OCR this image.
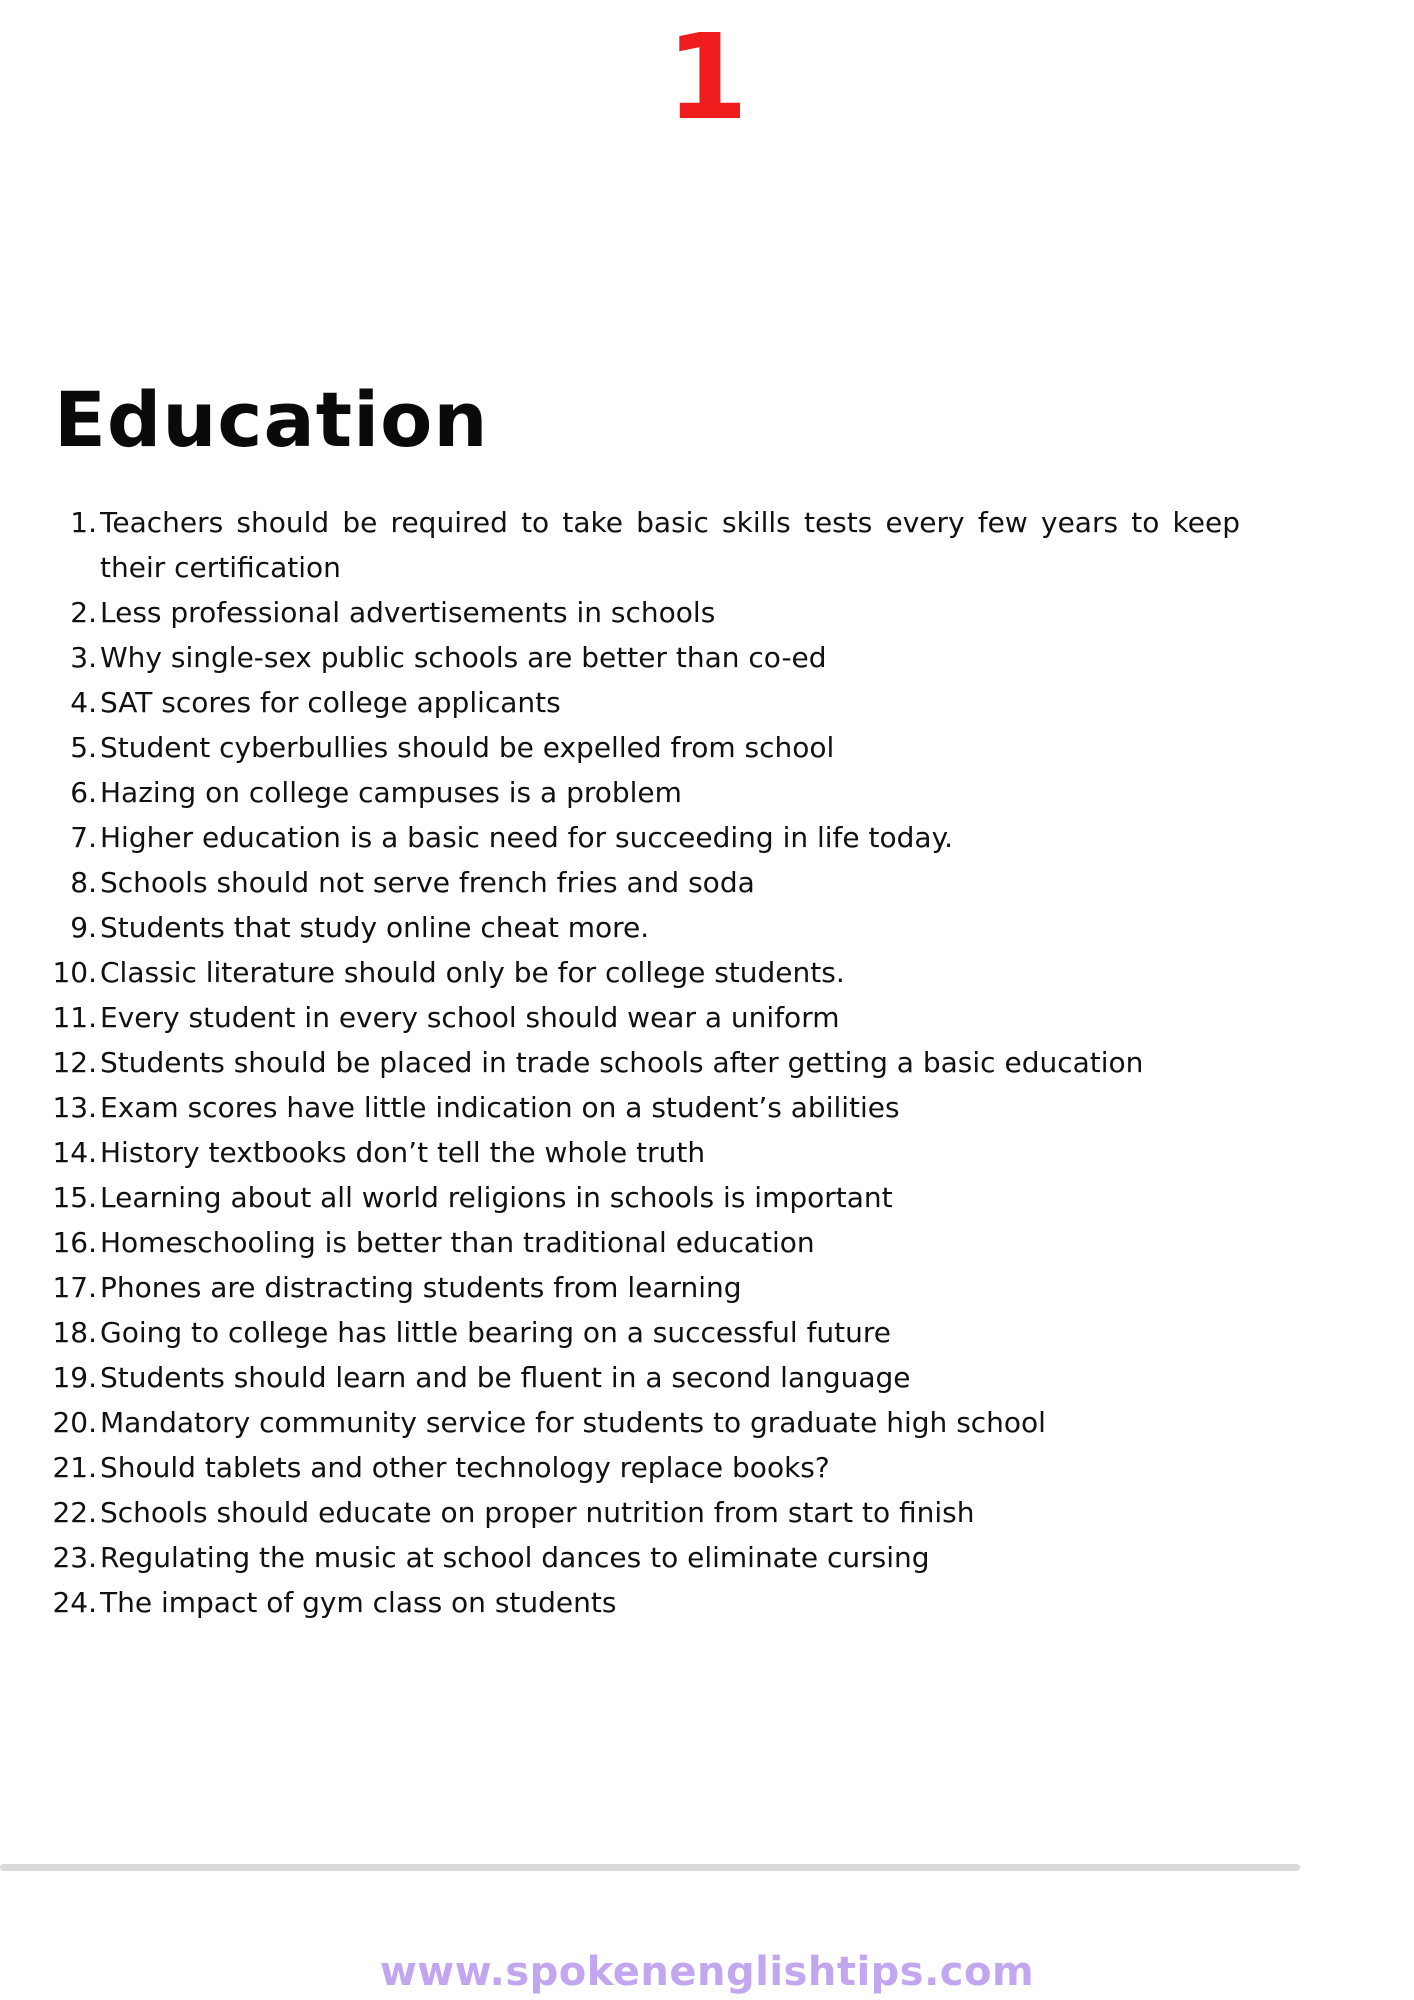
1
Education
1. Teachers should be required to take basic skills tests every few years to keep their certification
2. Less professional advertisements in schools
3. Why single-sex public schools are better than co-ed
4. SAT scores for college applicants
5. Student cyberbullies should be expelled from school
6. Hazing on college campuses is a problem
7. Higher education is a basic need for succeeding in life today.
8. Schools should not serve french fries and soda
9. Students that study online cheat more.
10. Classic literature should only be for college students.
11. Every student in every school should wear a uniform
12. Students should be placed in trade schools after getting a basic education
13. Exam scores have little indication on a student’s abilities
14. History textbooks don’t tell the whole truth
15. Learning about all world religions in schools is important
16. Homeschooling is better than traditional education
17. Phones are distracting students from learning
18. Going to college has little bearing on a successful future
19. Students should learn and be fluent in a second language
20. Mandatory community service for students to graduate high school
21. Should tablets and other technology replace books?
22. Schools should educate on proper nutrition from start to finish
23. Regulating the music at school dances to eliminate cursing
24. The impact of gym class on students
www.spokenenglishtips.com
